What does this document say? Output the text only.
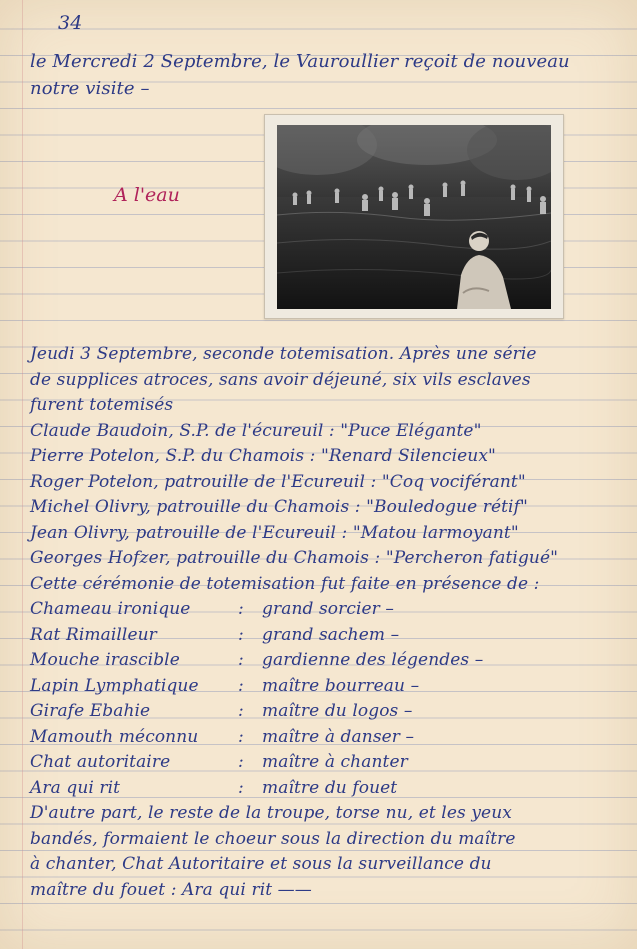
34
le Mercredi 2 Septembre, le Vauroullier reçoit de nouveau
notre visite –
A l'eau
Jeudi 3 Septembre, seconde totemisation. Après une série
de supplices atroces, sans avoir déjeuné, six vils esclaves
furent totemisés
Claude Baudoin, S.P. de l'écureuil : "Puce Elégante"
Pierre Potelon, S.P. du Chamois : "Renard Silencieux"
Roger Potelon, patrouille de l'Ecureuil : "Coq vociférant"
Michel Olivry, patrouille du Chamois : "Bouledogue rétif"
Jean Olivry, patrouille de l'Ecureuil : "Matou larmoyant"
Georges Hofzer, patrouille du Chamois : "Percheron fatigué"
Cette cérémonie de totemisation fut faite en présence de :
Chameau ironique	: grand sorcier –
Rat Rimailleur	: grand sachem –
Mouche irascible	: gardienne des légendes –
Lapin Lymphatique : maître bourreau –
Girafe Ebahie	: maître du logos –
Mamouth méconnu : maître à danser –
Chat autoritaire	: maître à chanter
Ara qui rit	: maître du fouet
D'autre part, le reste de la troupe, torse nu, et les yeux
bandés, formaient le choeur sous la direction du maître
à chanter, Chat Autoritaire et sous la surveillance du
maître du fouet : Ara qui rit ——
